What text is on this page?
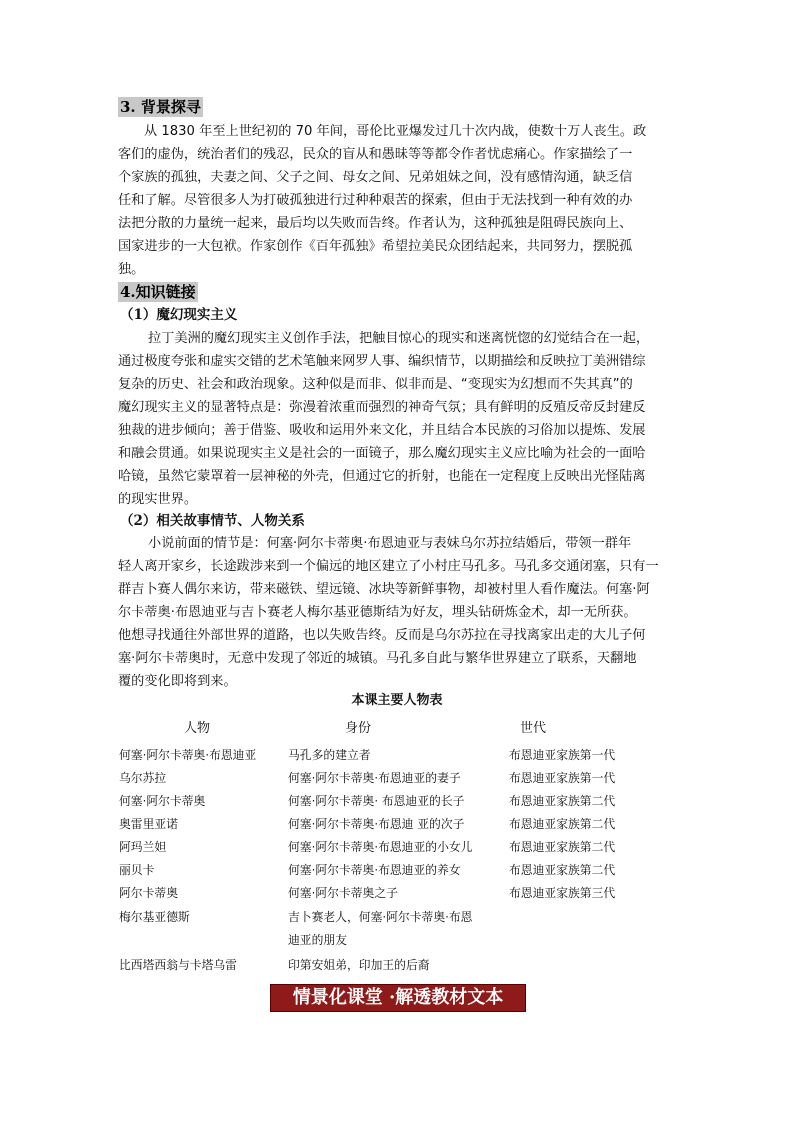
3. 背景探寻
从 1830 年至上世纪初的 70 年间，哥伦比亚爆发过几十次内战，使数十万人丧生。政
客们的虚伪，统治者们的残忍，民众的盲从和愚昧等等都令作者忧虑痛心。作家描绘了一
个家族的孤独，夫妻之间、父子之间、母女之间、兄弟姐妹之间，没有感情沟通，缺乏信
任和了解。尽管很多人为打破孤独进行过种种艰苦的探索，但由于无法找到一种有效的办
法把分散的力量统一起来，最后均以失败而告终。作者认为，这种孤独是阻碍民族向上、
国家进步的一大包袱。作家创作《百年孤独》希望拉美民众团结起来，共同努力，摆脱孤
独。
4.知识链接
（1）魔幻现实主义
拉丁美洲的魔幻现实主义创作手法，把触目惊心的现实和迷离恍惚的幻觉结合在一起，
通过极度夸张和虚实交错的艺术笔触来网罗人事、编织情节，以期描绘和反映拉丁美洲错综
复杂的历史、社会和政治现象。这种似是而非、似非而是、“变现实为幻想而不失其真”的
魔幻现实主义的显著特点是：弥漫着浓重而强烈的神奇气氛；具有鲜明的反殖反帝反封建反
独裁的进步倾向；善于借鉴、吸收和运用外来文化，并且结合本民族的习俗加以提炼、发展
和融会贯通。如果说现实主义是社会的一面镜子，那么魔幻现实主义应比喻为社会的一面哈
哈镜，虽然它蒙罩着一层神秘的外壳，但通过它的折射，也能在一定程度上反映出光怪陆离
的现实世界。
（2）相关故事情节、人物关系
小说前面的情节是：何塞·阿尔卡蒂奥·布恩迪亚与表妹乌尔苏拉结婚后，带领一群年
轻人离开家乡，长途跋涉来到一个偏远的地区建立了小村庄马孔多。马孔多交通闭塞，只有一
群吉卜赛人偶尔来访，带来磁铁、望远镜、冰块等新鲜事物，却被村里人看作魔法。何塞·阿
尔卡蒂奥·布恩迪亚与吉卜赛老人梅尔基亚德斯结为好友，埋头钻研炼金术，却一无所获。
他想寻找通往外部世界的道路，也以失败告终。反而是乌尔苏拉在寻找离家出走的大儿子何
塞·阿尔卡蒂奥时，无意中发现了邻近的城镇。马孔多自此与繁华世界建立了联系，天翻地
覆的变化即将到来。
本课主要人物表
人物	身份	世代
何塞·阿尔卡蒂奥·布恩迪亚	马孔多的建立者	布恩迪亚家族第一代
乌尔苏拉	何塞·阿尔卡蒂奥·布恩迪亚的妻子	布恩迪亚家族第一代
何塞·阿尔卡蒂奥	何塞·阿尔卡蒂奥· 布恩迪亚的长子	布恩迪亚家族第二代
奥雷里亚诺	何塞·阿尔卡蒂奥·布恩迪 亚的次子	布恩迪亚家族第二代
阿玛兰妲	何塞·阿尔卡蒂奥·布恩迪亚的小女儿	布恩迪亚家族第二代
丽贝卡	何塞·阿尔卡蒂奥·布恩迪亚的养女	布恩迪亚家族第二代
阿尔卡蒂奥	何塞·阿尔卡蒂奥之子	布恩迪亚家族第三代
梅尔基亚德斯	吉卜赛老人，何塞·阿尔卡蒂奥·布恩
迪亚的朋友
比西塔西翁与卡塔乌雷	印第安姐弟，印加王的后裔
情景化课堂 ·解透教材文本
